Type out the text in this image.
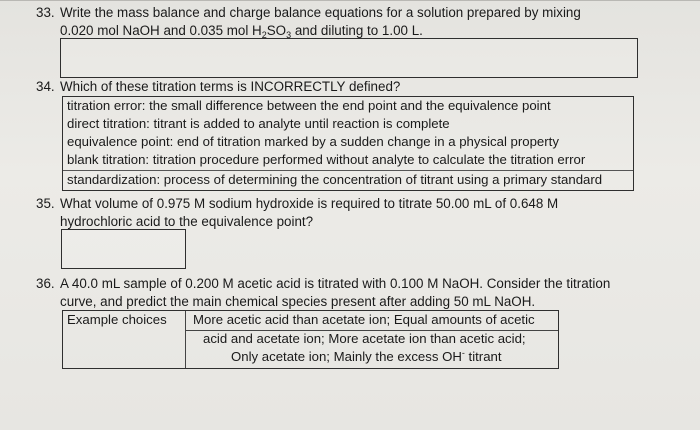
33. Write the mass balance and charge balance equations for a solution prepared by mixing
0.020 mol NaOH and 0.035 mol $H_2SO_3$ and diluting to 1.00 L.
34. Which of these titration terms is INCORRECTLY defined?
titration error: the small difference between the end point and the equivalence point
direct titration: titrant is added to analyte until reaction is complete
equivalence point: end of titration marked by a sudden change in a physical property
blank titration: titration procedure performed without analyte to calculate the titration error
standardization: process of determining the concentration of titrant using a primary standard
35. What volume of 0.975 M sodium hydroxide is required to titrate 50.00 mL of 0.648 M
hydrochloric acid to the equivalence point?
36. A 40.0 mL sample of 0.200 M acetic acid is titrated with 0.100 M NaOH. Consider the titration
curve, and predict the main chemical species present after adding 50 mL NaOH.
Example choices More acetic acid than acetate ion; Equal amounts of acetic
acid and acetate ion; More acetate ion than acetic acid;
Only acetate ion; Mainly the excess OH- titrant
